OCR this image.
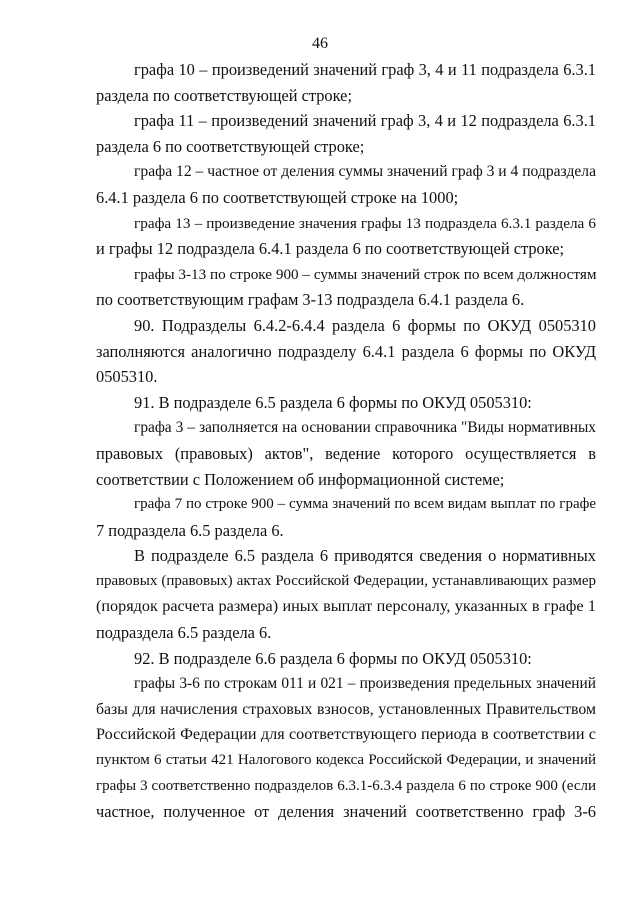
46
графа 10 – произведений значений граф 3, 4 и 11 подраздела 6.3.1
раздела по соответствующей строке;
графа 11 – произведений значений граф 3, 4 и 12 подраздела 6.3.1
раздела 6 по соответствующей строке;
графа 12 – частное от деления суммы значений граф 3 и 4 подраздела
6.4.1 раздела 6 по соответствующей строке на 1000;
графа 13 – произведение значения графы 13 подраздела 6.3.1 раздела 6
и графы 12 подраздела 6.4.1 раздела 6 по соответствующей строке;
графы 3-13 по строке 900 – суммы значений строк по всем должностям
по соответствующим графам 3-13 подраздела 6.4.1 раздела 6.
90. Подразделы 6.4.2-6.4.4 раздела 6 формы по ОКУД 0505310
заполняются аналогично подразделу 6.4.1 раздела 6 формы по ОКУД
0505310.
91. В подразделе 6.5 раздела 6 формы по ОКУД 0505310:
графа 3 – заполняется на основании справочника "Виды нормативных
правовых (правовых) актов", ведение которого осуществляется в
соответствии с Положением об информационной системе;
графа 7 по строке 900 – сумма значений по всем видам выплат по графе
7 подраздела 6.5 раздела 6.
В подразделе 6.5 раздела 6 приводятся сведения о нормативных
правовых (правовых) актах Российской Федерации, устанавливающих размер
(порядок расчета размера) иных выплат персоналу, указанных в графе 1
подраздела 6.5 раздела 6.
92. В подразделе 6.6 раздела 6 формы по ОКУД 0505310:
графы 3-6 по строкам 011 и 021 – произведения предельных значений
базы для начисления страховых взносов, установленных Правительством
Российской Федерации для соответствующего периода в соответствии с
пунктом 6 статьи 421 Налогового кодекса Российской Федерации, и значений
графы 3 соответственно подразделов 6.3.1-6.3.4 раздела 6 по строке 900 (если
частное, полученное от деления значений соответственно граф 3-6
